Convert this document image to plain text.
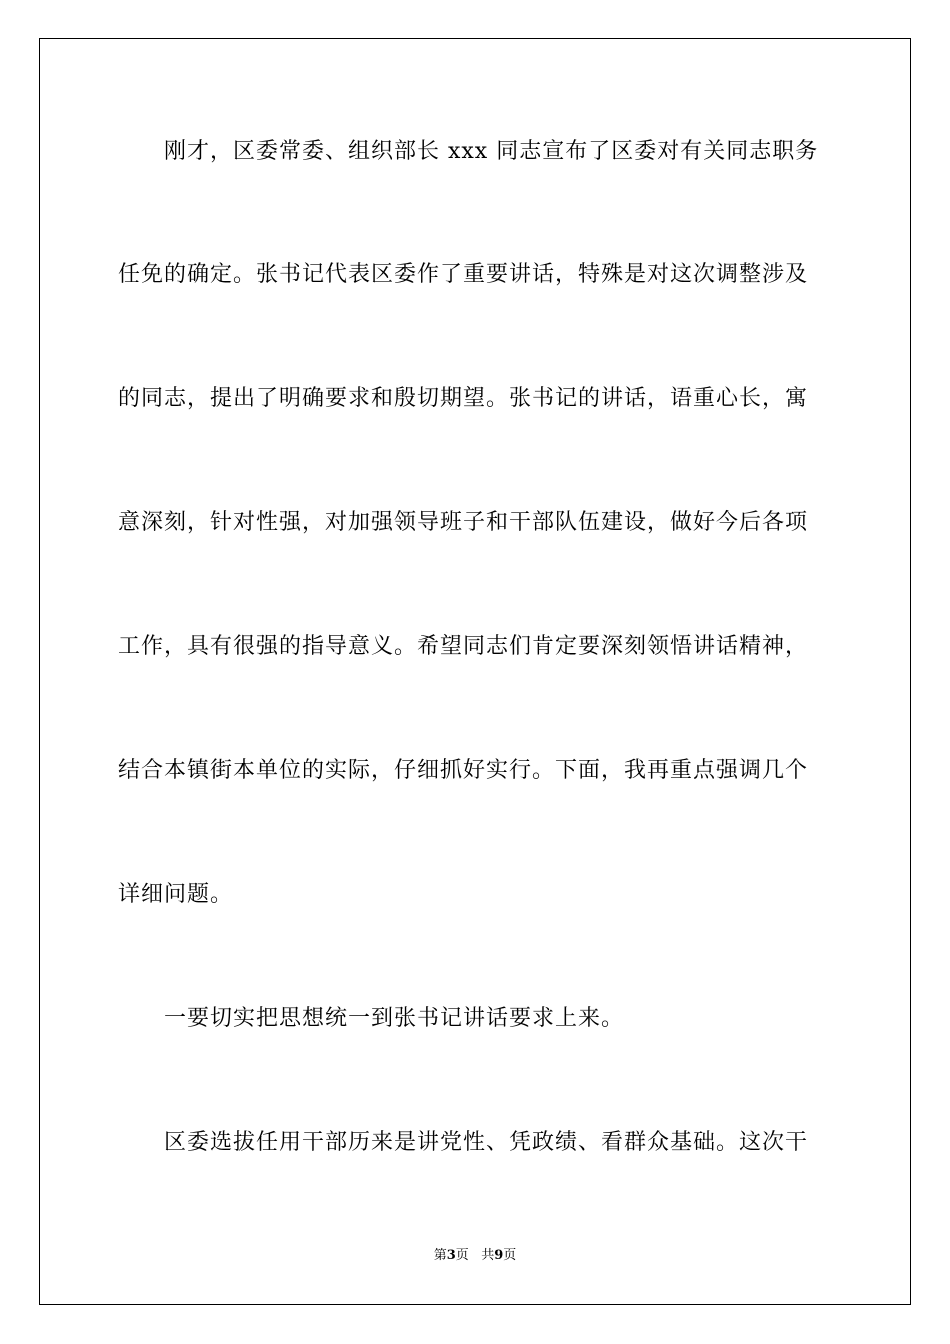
刚才，区委常委、组织部长 xxx 同志宣布了区委对有关同志职务
任免的确定。张书记代表区委作了重要讲话，特殊是对这次调整涉及
的同志，提出了明确要求和殷切期望。张书记的讲话，语重心长，寓
意深刻，针对性强，对加强领导班子和干部队伍建设，做好今后各项
工作，具有很强的指导意义。希望同志们肯定要深刻领悟讲话精神，
结合本镇街本单位的实际，仔细抓好实行。下面，我再重点强调几个
详细问题。
一要切实把思想统一到张书记讲话要求上来。
区委选拔任用干部历来是讲党性、凭政绩、看群众基础。这次干
第3页 共9页
